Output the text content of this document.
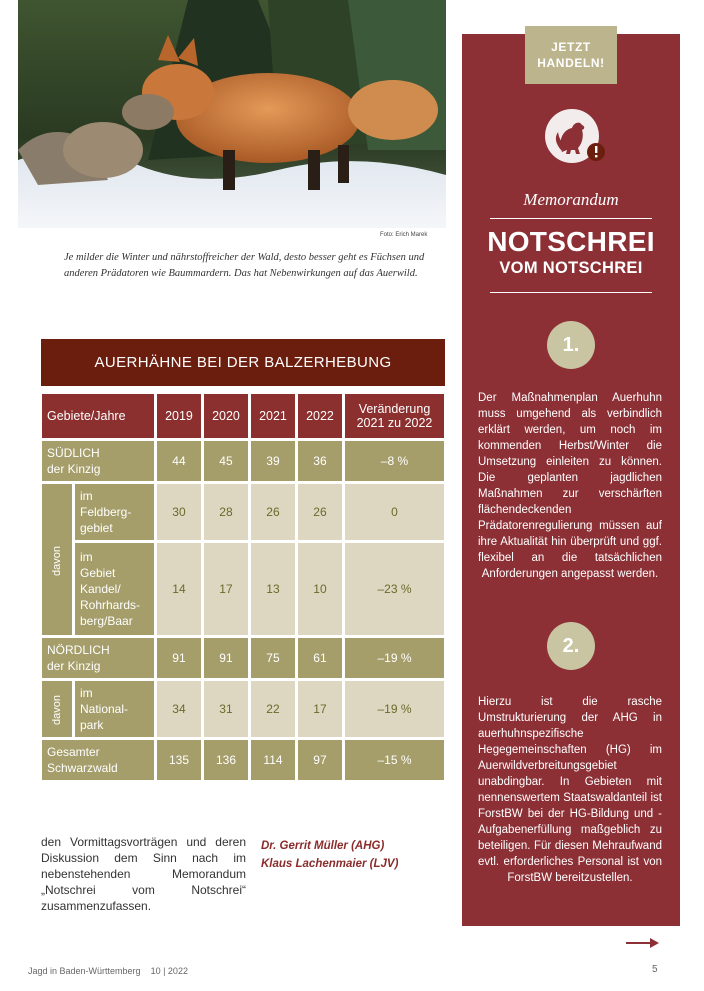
Foto: Erich Marek
Je milder die Winter und nährstoffreicher der Wald, desto besser geht es Füchsen und anderen Prädatoren wie Baummardern. Das hat Nebenwirkungen auf das Auerwild.
AUERHÄHNE BEI DER BALZERHEBUNG
Gebiete/Jahre		2019	2020	2021	2022	Veränderung
2021 zu 2022
SÜDLICH
der Kinzig		44	45	39	36	–8 %
davon	im
Feldberg-
gebiet	30	28	26	26	0
	im
Gebiet
Kandel/
Rohrhards-
berg/Baar	14	17	13	10	–23 %
NÖRDLICH
der Kinzig		91	91	75	61	–19 %
davon	im
National-
park	34	31	22	17	–19 %
Gesamter
Schwarzwald		135	136	114	97	–15 %
den Vormittagsvorträgen und deren Diskussion dem Sinn nach im nebenstehenden Memorandum „Notschrei vom Notschrei“ zusammenzufassen.
Dr. Gerrit Müller (AHG)
Klaus Lachenmaier (LJV)
JETZT
HANDELN!
Memorandum
NOTSCHREI
VOM NOTSCHREI
1.
Der Maßnahmenplan Auerhuhn muss umgehend als verbindlich erklärt werden, um noch im kommenden Herbst/Winter die Umsetzung einleiten zu können. Die geplanten jagdlichen Maßnahmen zur verschärften flächendeckenden Prädatorenregulierung müssen auf ihre Aktualität hin überprüft und ggf. flexibel an die tatsächlichen Anforderungen angepasst werden.
2.
Hierzu ist die rasche Umstrukturierung der AHG in auerhuhnspezifische Hegegemeinschaften (HG) im Auerwildverbreitungsgebiet unabdingbar. In Gebieten mit nennenswertem Staatswaldanteil ist ForstBW bei der HG-Bildung und -Aufgabenerfüllung maßgeblich zu beteiligen. Für diesen Mehraufwand evtl. erforderliches Personal ist von ForstBW bereitzustellen.
Jagd in Baden-Württemberg 10 | 2022	5
